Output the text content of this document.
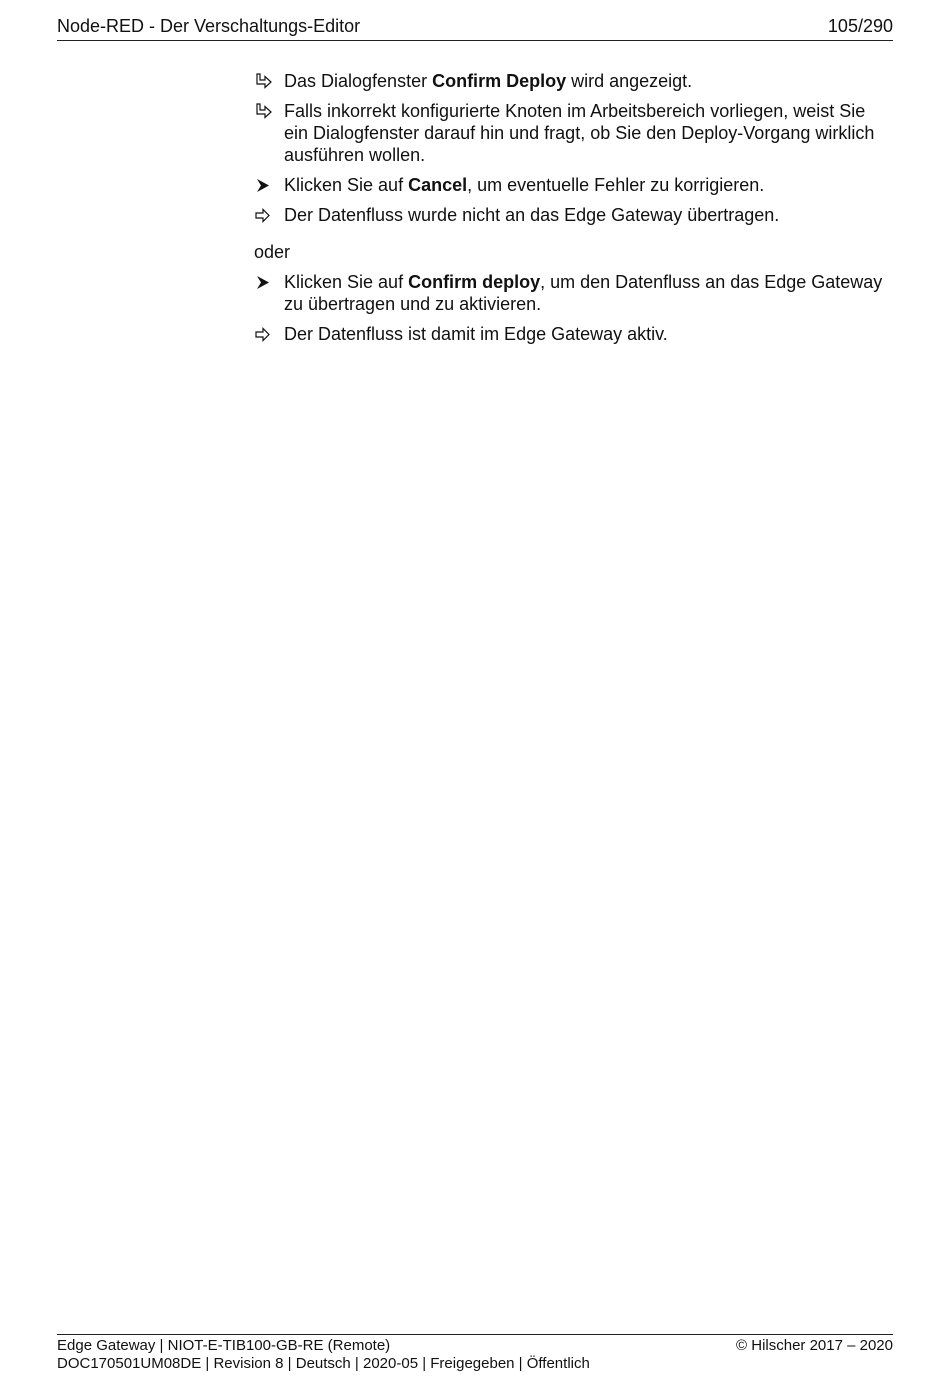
Node-RED - Der Verschaltungs-Editor	105/290
Das Dialogfenster Confirm Deploy wird angezeigt.
Falls inkorrekt konfigurierte Knoten im Arbeitsbereich vorliegen, weist Sie ein Dialogfenster darauf hin und fragt, ob Sie den Deploy-Vorgang wirklich ausführen wollen.
Klicken Sie auf Cancel, um eventuelle Fehler zu korrigieren.
Der Datenfluss wurde nicht an das Edge Gateway übertragen.
oder
Klicken Sie auf Confirm deploy, um den Datenfluss an das Edge Gateway zu übertragen und zu aktivieren.
Der Datenfluss ist damit im Edge Gateway aktiv.
Edge Gateway | NIOT-E-TIB100-GB-RE (Remote)	© Hilscher 2017 – 2020
DOC170501UM08DE | Revision 8 | Deutsch | 2020-05 | Freigegeben | Öffentlich
